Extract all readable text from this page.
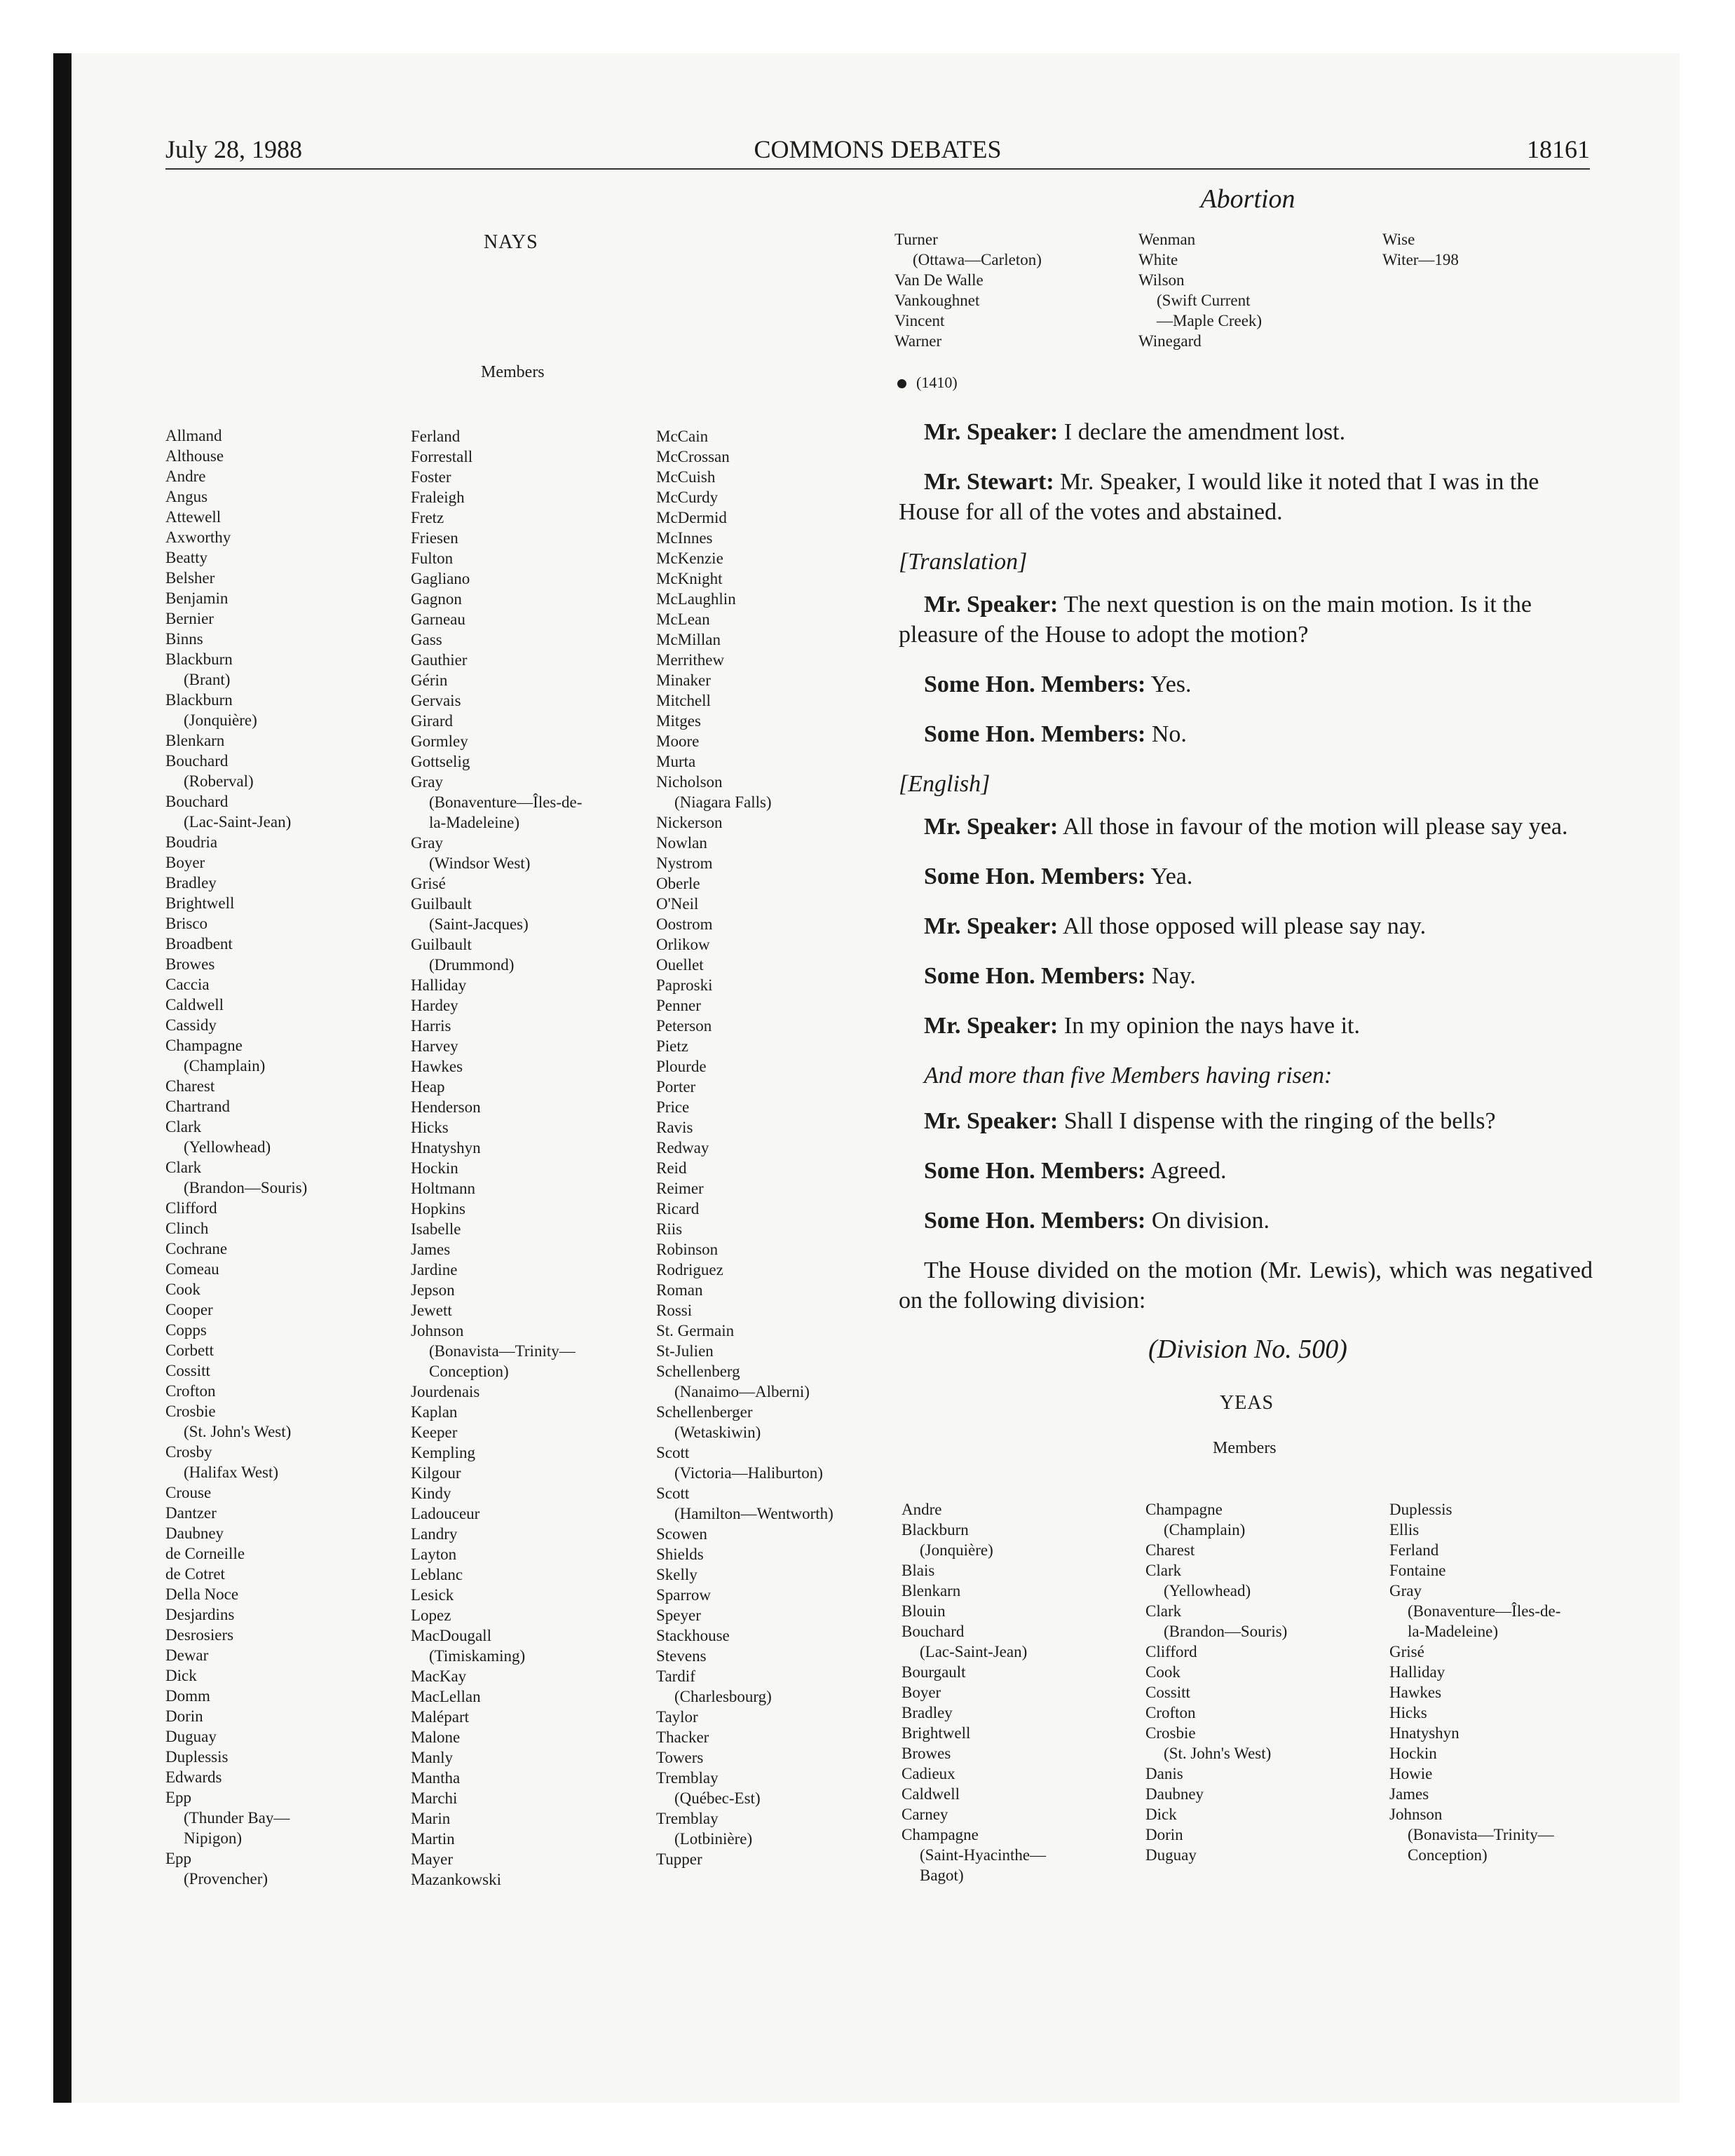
July 28, 1988	COMMONS DEBATES	18161
Abortion
NAYS
Members
Allmand
Althouse
Andre
Angus
Attewell
Axworthy
Beatty
Belsher
Benjamin
Bernier
Binns
Blackburn
(Brant)
Blackburn
(Jonquière)
Blenkarn
Bouchard
(Roberval)
Bouchard
(Lac-Saint-Jean)
Boudria
Boyer
Bradley
Brightwell
Brisco
Broadbent
Browes
Caccia
Caldwell
Cassidy
Champagne
(Champlain)
Charest
Chartrand
Clark
(Yellowhead)
Clark
(Brandon—Souris)
Clifford
Clinch
Cochrane
Comeau
Cook
Cooper
Copps
Corbett
Cossitt
Crofton
Crosbie
(St. John's West)
Crosby
(Halifax West)
Crouse
Dantzer
Daubney
de Corneille
de Cotret
Della Noce
Desjardins
Desrosiers
Dewar
Dick
Domm
Dorin
Duguay
Duplessis
Edwards
Epp
(Thunder Bay—
Nipigon)
Epp
(Provencher)
Ferland
Forrestall
Foster
Fraleigh
Fretz
Friesen
Fulton
Gagliano
Gagnon
Garneau
Gass
Gauthier
Gérin
Gervais
Girard
Gormley
Gottselig
Gray
(Bonaventure—Îles-de-
la-Madeleine)
Gray
(Windsor West)
Grisé
Guilbault
(Saint-Jacques)
Guilbault
(Drummond)
Halliday
Hardey
Harris
Harvey
Hawkes
Heap
Henderson
Hicks
Hnatyshyn
Hockin
Holtmann
Hopkins
Isabelle
James
Jardine
Jepson
Jewett
Johnson
(Bonavista—Trinity—
Conception)
Jourdenais
Kaplan
Keeper
Kempling
Kilgour
Kindy
Ladouceur
Landry
Layton
Leblanc
Lesick
Lopez
MacDougall
(Timiskaming)
MacKay
MacLellan
Malépart
Malone
Manly
Mantha
Marchi
Marin
Martin
Mayer
Mazankowski
McCain
McCrossan
McCuish
McCurdy
McDermid
McInnes
McKenzie
McKnight
McLaughlin
McLean
McMillan
Merrithew
Minaker
Mitchell
Mitges
Moore
Murta
Nicholson
(Niagara Falls)
Nickerson
Nowlan
Nystrom
Oberle
O'Neil
Oostrom
Orlikow
Ouellet
Paproski
Penner
Peterson
Pietz
Plourde
Porter
Price
Ravis
Redway
Reid
Reimer
Ricard
Riis
Robinson
Rodriguez
Roman
Rossi
St. Germain
St-Julien
Schellenberg
(Nanaimo—Alberni)
Schellenberger
(Wetaskiwin)
Scott
(Victoria—Haliburton)
Scott
(Hamilton—Wentworth)
Scowen
Shields
Skelly
Sparrow
Speyer
Stackhouse
Stevens
Tardif
(Charlesbourg)
Taylor
Thacker
Towers
Tremblay
(Québec-Est)
Tremblay
(Lotbinière)
Tupper
Turner
(Ottawa—Carleton)
Van De Walle
Vankoughnet
Vincent
Warner
Wenman
White
Wilson
(Swift Current
—Maple Creek)
Winegard
Wise
Witer—198
(1410)

Mr. Speaker: I declare the amendment lost.

Mr. Stewart: Mr. Speaker, I would like it noted that I was in the House for all of the votes and abstained.

[Translation]

Mr. Speaker: The next question is on the main motion. Is it the pleasure of the House to adopt the motion?

Some Hon. Members: Yes.

Some Hon. Members: No.

[English]

Mr. Speaker: All those in favour of the motion will please say yea.

Some Hon. Members: Yea.

Mr. Speaker: All those opposed will please say nay.

Some Hon. Members: Nay.

Mr. Speaker: In my opinion the nays have it.

And more than five Members having risen:

Mr. Speaker: Shall I dispense with the ringing of the bells?

Some Hon. Members: Agreed.

Some Hon. Members: On division.

The House divided on the motion (Mr. Lewis), which was negatived on the following division:

(Division No. 500)
YEAS
Members
Andre
Blackburn
(Jonquière)
Blais
Blenkarn
Blouin
Bouchard
(Lac-Saint-Jean)
Bourgault
Boyer
Bradley
Brightwell
Browes
Cadieux
Caldwell
Carney
Champagne
(Saint-Hyacinthe—
Bagot)
Champagne
(Champlain)
Charest
Clark
(Yellowhead)
Clark
(Brandon—Souris)
Clifford
Cook
Cossitt
Crofton
Crosbie
(St. John's West)
Danis
Daubney
Dick
Dorin
Duguay
Duplessis
Ellis
Ferland
Fontaine
Gray
(Bonaventure—Îles-de-
la-Madeleine)
Grisé
Halliday
Hawkes
Hicks
Hnatyshyn
Hockin
Howie
James
Johnson
(Bonavista—Trinity—
Conception)
